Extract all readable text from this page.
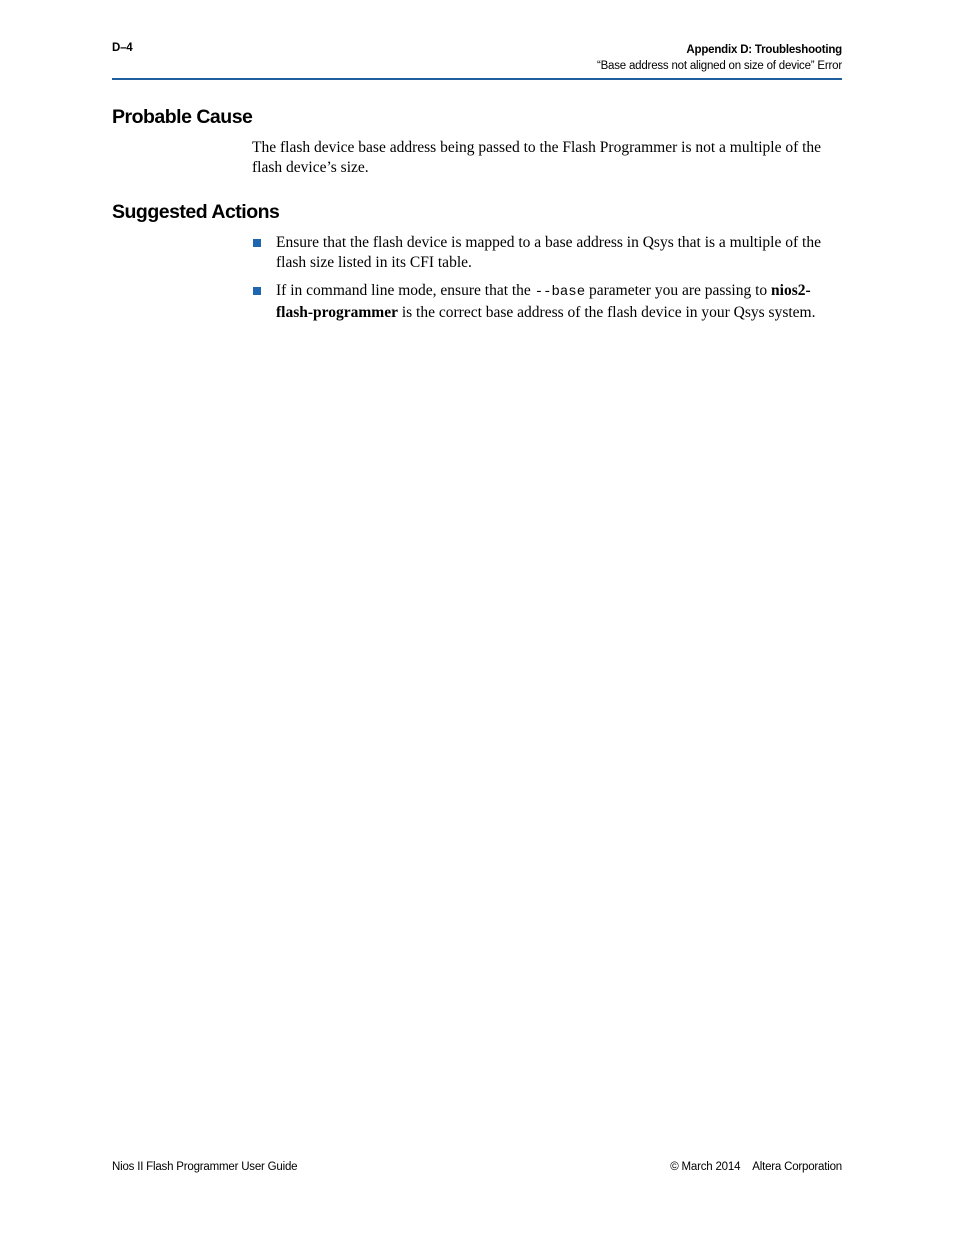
D–4	Appendix D: Troubleshooting
“Base address not aligned on size of device” Error
Probable Cause

The flash device base address being passed to the Flash Programmer is not a multiple of the flash device’s size.

Suggested Actions
Ensure that the flash device is mapped to a base address in Qsys that is a multiple of the flash size listed in its CFI table.
If in command line mode, ensure that the --base parameter you are passing to nios2-flash-programmer is the correct base address of the flash device in your Qsys system.
Nios II Flash Programmer User Guide	© March 2014 Altera Corporation
